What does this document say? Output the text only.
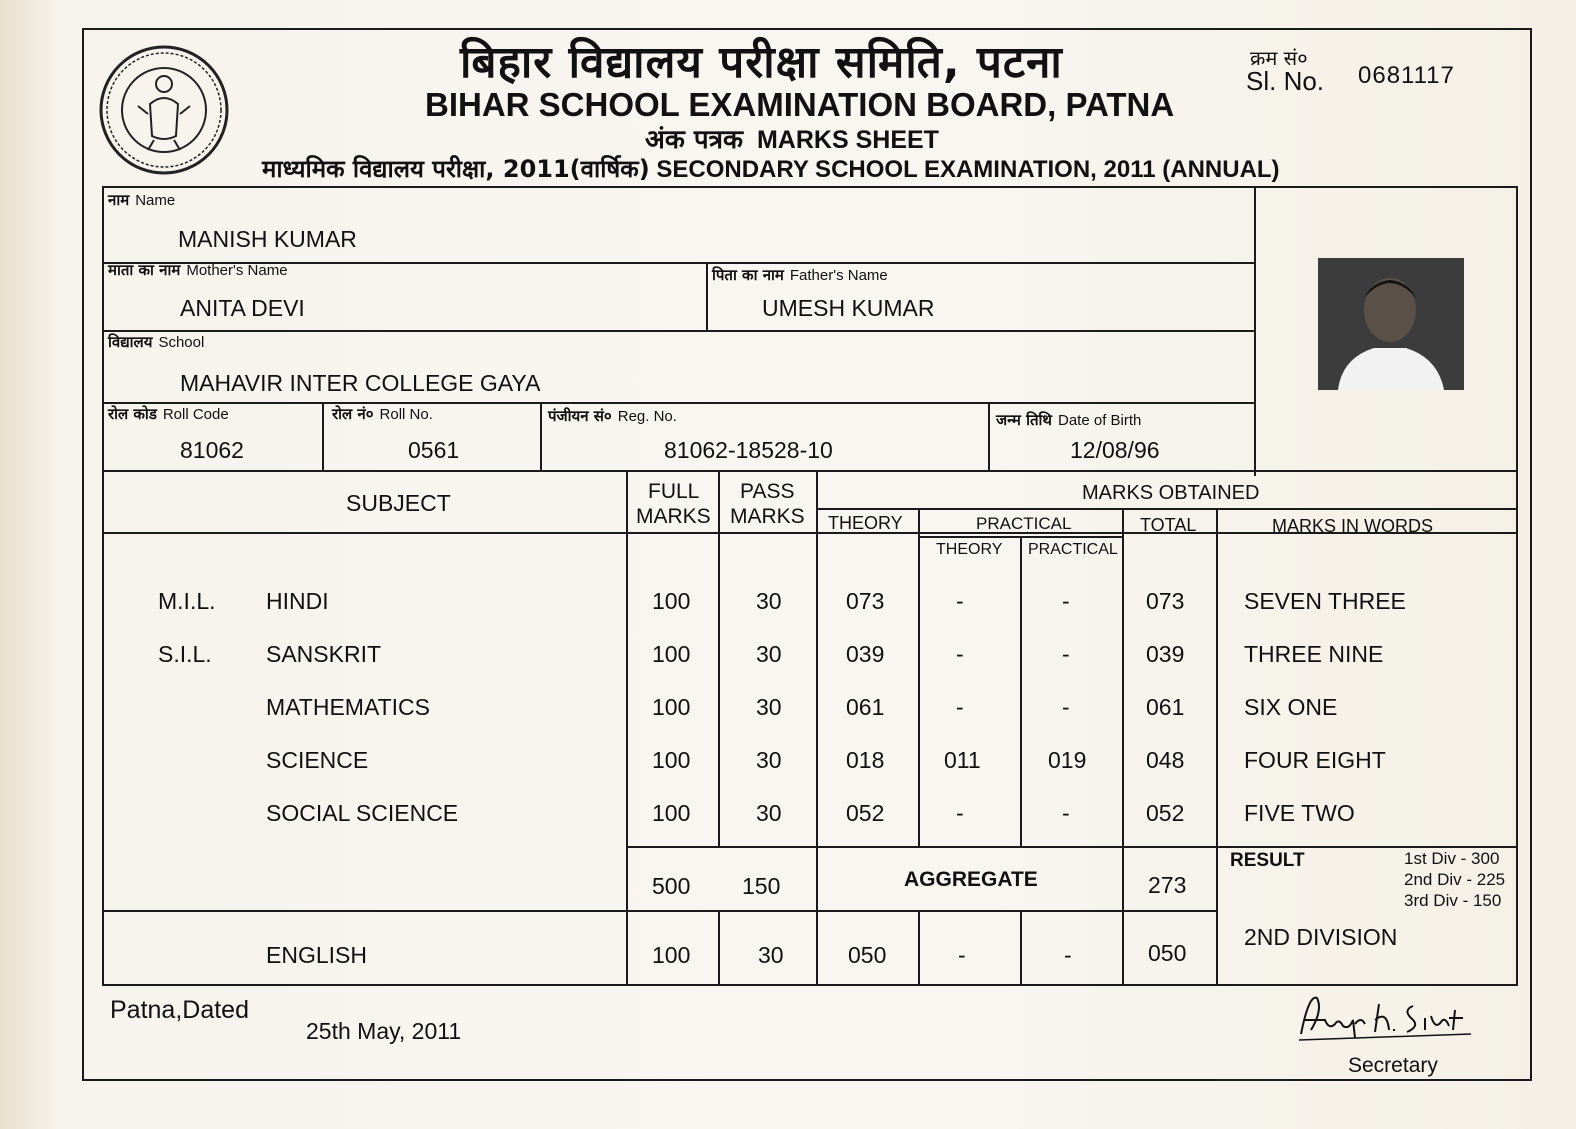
बिहार विद्यालय परीक्षा समिति, पटना
BIHAR SCHOOL EXAMINATION BOARD, PATNA
अंक पत्रक MARKS SHEET
माध्यमिक विद्यालय परीक्षा, 2011(वार्षिक) SECONDARY SCHOOL EXAMINATION, 2011 (ANNUAL)
क्रम सं०
Sl. No. 0681117
नाम Name
MANISH KUMAR
माता का नाम Mother's Name
ANITA DEVI
पिता का नाम Father's Name
UMESH KUMAR
विद्यालय School
MAHAVIR INTER COLLEGE GAYA
रोल कोड Roll Code
81062
रोल नं० Roll No.
0561
पंजीयन सं० Reg. No.
81062-18528-10
जन्म तिथि Date of Birth
12/08/96
SUBJECT	FULL
MARKS
PASS
MARKS
MARKS OBTAINED
THEORY	PRACTICAL
THEORY PRACTICAL
TOTAL	MARKS IN WORDS
M.I.L. HINDI	100	30	073	-	-	073	SEVEN THREE
S.I.L. SANSKRIT	100	30	039	-	-	039	THREE NINE
MATHEMATICS	100	30	061	-	-	061	SIX ONE
SCIENCE	100	30	018	011	019	048	FOUR EIGHT
SOCIAL SCIENCE	100	30	052	-	-	052	FIVE TWO
500 150	AGGREGATE	273
RESULT	1st Div - 300
2nd Div - 225
3rd Div - 150
2ND DIVISION
ENGLISH	100	30	050	-	-	050
Patna,Dated
25th May, 2011
Secretary
